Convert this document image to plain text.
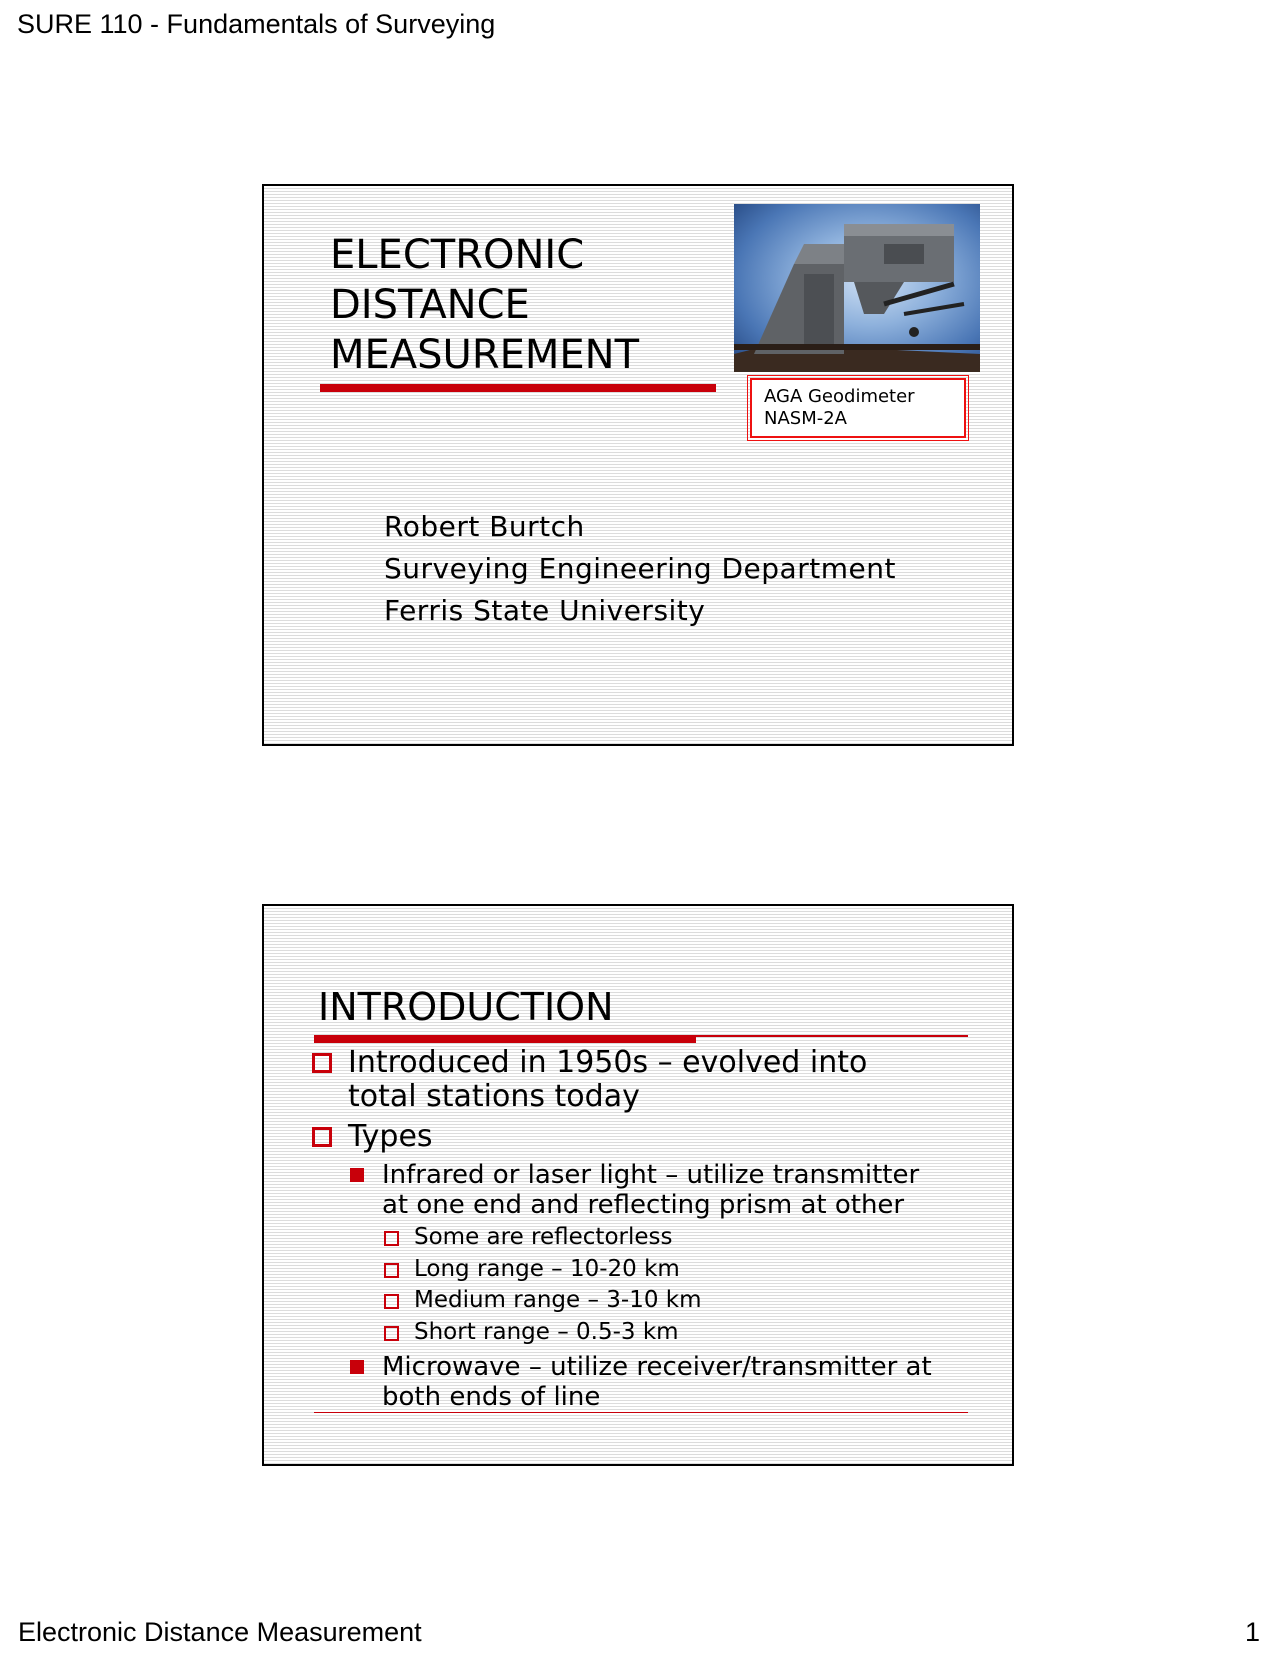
SURE 110 - Fundamentals of Surveying
ELECTRONIC
DISTANCE
MEASUREMENT
AGA Geodimeter
NASM-2A
Robert Burtch
Surveying Engineering Department
Ferris State University
INTRODUCTION
Introduced in 1950s – evolved into total stations today
Types
Infrared or laser light – utilize transmitter at one end and reflecting prism at other
Some are reflectorless
Long range – 10-20 km
Medium range – 3-10 km
Short range – 0.5-3 km
Microwave – utilize receiver/transmitter at both ends of line
Electronic Distance Measurement	1
